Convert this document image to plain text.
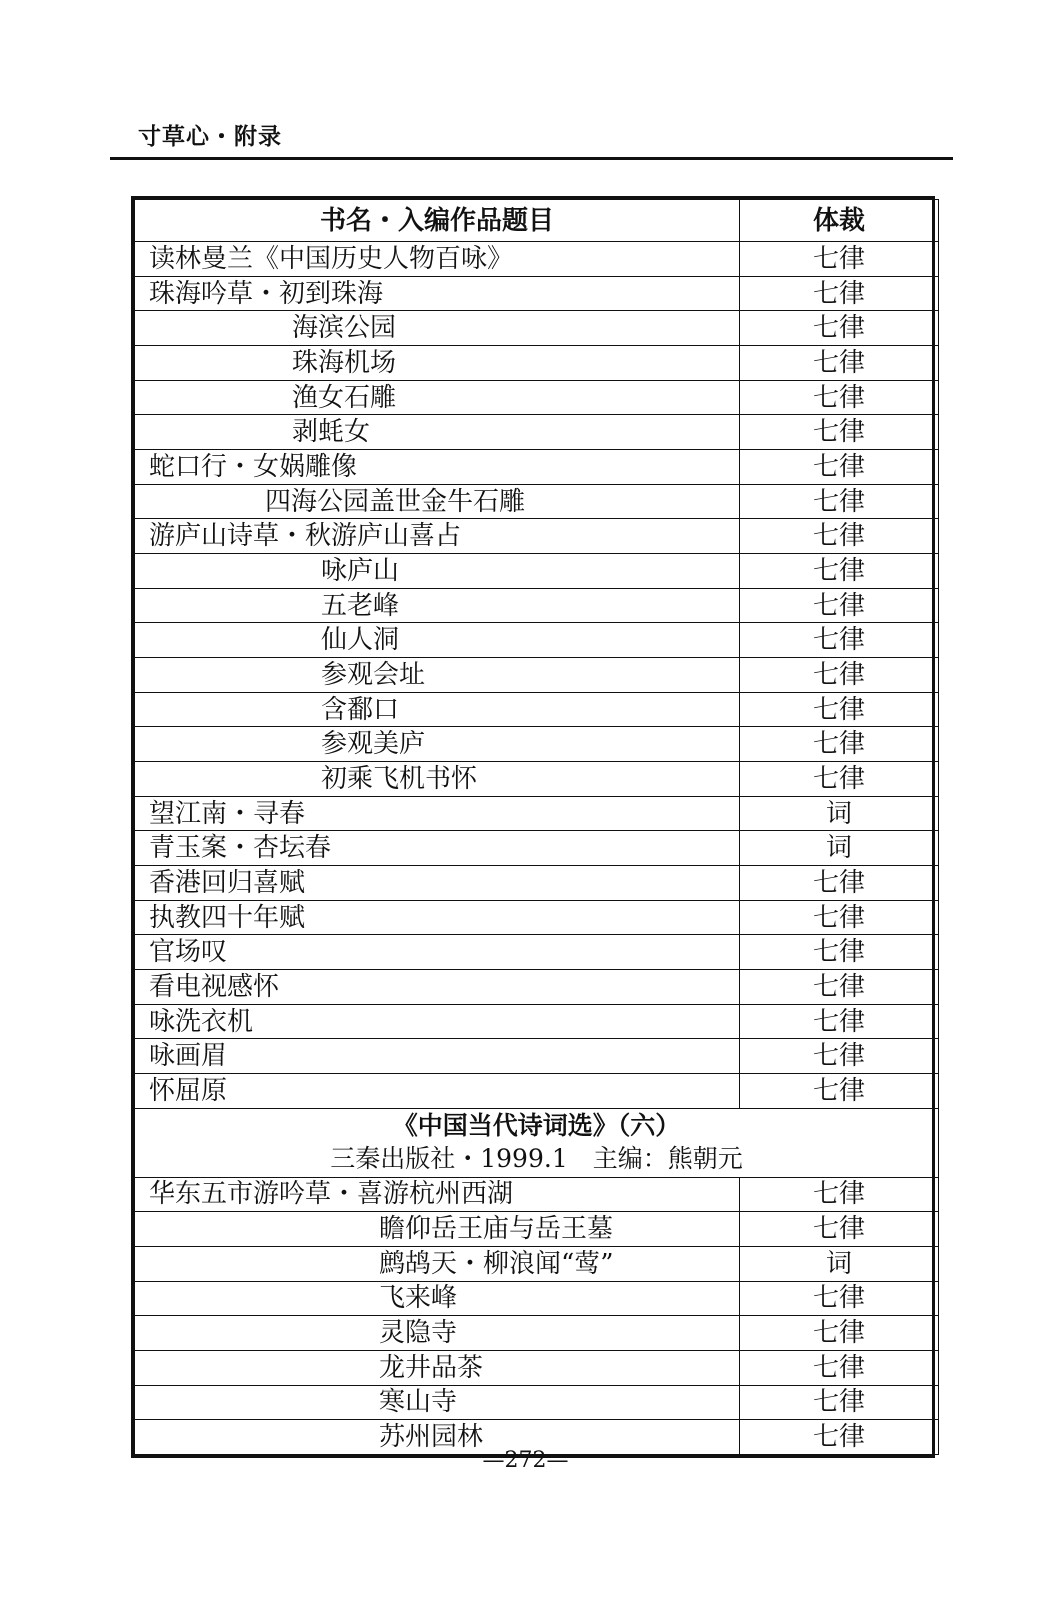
寸草心・附录
书名・入编作品题目	体裁
读林曼兰《中国历史人物百咏》	七律
珠海吟草・初到珠海	七律
海滨公园	七律
珠海机场	七律
渔女石雕	七律
剥蚝女	七律
蛇口行・女娲雕像	七律
四海公园盖世金牛石雕	七律
游庐山诗草・秋游庐山喜占	七律
咏庐山	七律
五老峰	七律
仙人洞	七律
参观会址	七律
含鄱口	七律
参观美庐	七律
初乘飞机书怀	七律
望江南・寻春	词
青玉案・杏坛春	词
香港回归喜赋	七律
执教四十年赋	七律
官场叹	七律
看电视感怀	七律
咏洗衣机	七律
咏画眉	七律
怀屈原	七律

《中国当代诗词选》（六）
三秦出版社・1999.1　主编：熊朝元	

华东五市游吟草・喜游杭州西湖	七律
瞻仰岳王庙与岳王墓	七律
鹧鸪天・柳浪闻“莺”	词
飞来峰	七律
灵隐寺	七律
龙井品茶	七律
寒山寺	七律
苏州园林	七律
—272—
